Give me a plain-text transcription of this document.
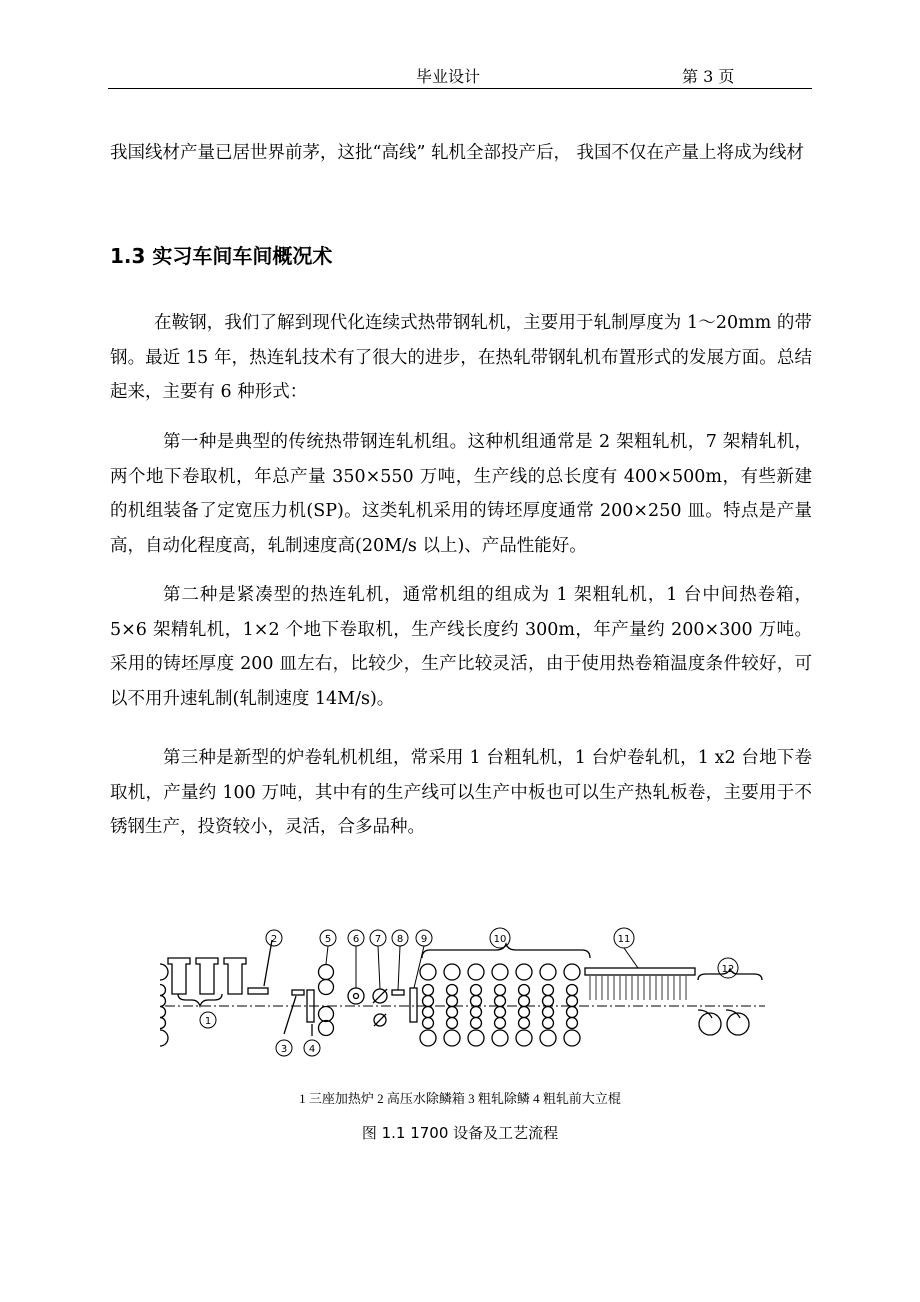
毕业设计	第 3 页

我国线材产量已居世界前茅，这批“高线” 轧机全部投产后， 我国不仅在产量上将成为线材

1.3 实习车间车间概况术

在鞍钢，我们了解到现代化连续式热带钢轧机，主要用于轧制厚度为 1～20mm 的带钢。最近 15 年，热连轧技术有了很大的进步，在热轧带钢轧机布置形式的发展方面。总结起来，主要有 6 种形式：

第一种是典型的传统热带钢连轧机组。这种机组通常是 2 架粗轧机，7 架精轧机，两个地下卷取机，年总产量 350×550 万吨，生产线的总长度有 400×500m，有些新建的机组装备了定宽压力机(SP)。这类轧机采用的铸坯厚度通常 200×250 皿。特点是产量高，自动化程度高，轧制速度高(20M/s 以上)、产品性能好。

第二种是紧凑型的热连轧机，通常机组的组成为 1 架粗轧机，1 台中间热卷箱，5×6 架精轧机，1×2 个地下卷取机，生产线长度约 300m，年产量约 200×300 万吨。采用的铸坯厚度 200 皿左右，比较少，生产比较灵活，由于使用热卷箱温度条件较好，可以不用升速轧制(轧制速度 14M/s)。

第三种是新型的炉卷轧机机组，常采用 1 台粗轧机，1 台炉卷轧机，1 x2 台地下卷取机，产量约 100 万吨，其中有的生产线可以生产中板也可以生产热轧板卷，主要用于不锈钢生产，投资较小，灵活，合多品种。

1
2
3 4
5 6 7 8 9	10	11
12

1 三座加热炉 2 高压水除鳞箱 3 粗轧除鳞 4 粗轧前大立棍

图 1.1 1700 设备及工艺流程
